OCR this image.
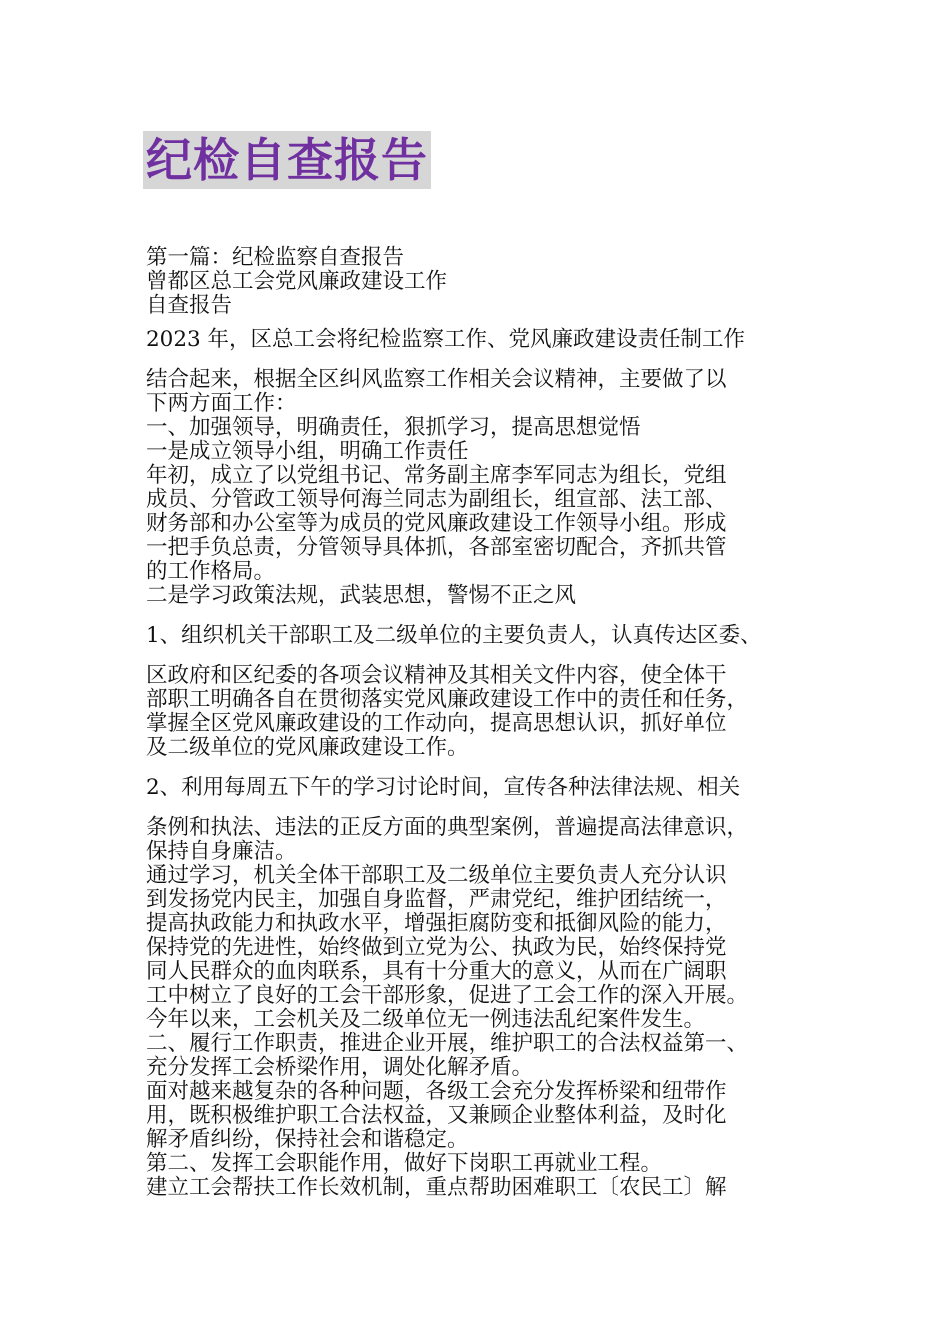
纪检自查报告
第一篇：纪检监察自查报告
曾都区总工会党风廉政建设工作
自查报告
2023 年，区总工会将纪检监察工作、党风廉政建设责任制工作
结合起来，根据全区纠风监察工作相关会议精神，主要做了以
下两方面工作：
一、加强领导，明确责任，狠抓学习，提高思想觉悟
一是成立领导小组，明确工作责任
年初，成立了以党组书记、常务副主席李军同志为组长，党组
成员、分管政工领导何海兰同志为副组长，组宣部、法工部、
财务部和办公室等为成员的党风廉政建设工作领导小组。形成
一把手负总责，分管领导具体抓，各部室密切配合，齐抓共管
的工作格局。
二是学习政策法规，武装思想，警惕不正之风
1、组织机关干部职工及二级单位的主要负责人，认真传达区委、
区政府和区纪委的各项会议精神及其相关文件内容，使全体干
部职工明确各自在贯彻落实党风廉政建设工作中的责任和任务，
掌握全区党风廉政建设的工作动向，提高思想认识，抓好单位
及二级单位的党风廉政建设工作。
2、利用每周五下午的学习讨论时间，宣传各种法律法规、相关
条例和执法、违法的正反方面的典型案例，普遍提高法律意识，
保持自身廉洁。
通过学习，机关全体干部职工及二级单位主要负责人充分认识
到发扬党内民主，加强自身监督，严肃党纪，维护团结统一，
提高执政能力和执政水平，增强拒腐防变和抵御风险的能力，
保持党的先进性，始终做到立党为公、执政为民，始终保持党
同人民群众的血肉联系，具有十分重大的意义，从而在广阔职
工中树立了良好的工会干部形象，促进了工会工作的深入开展。
今年以来，工会机关及二级单位无一例违法乱纪案件发生。
二、履行工作职责，推进企业开展，维护职工的合法权益第一、
充分发挥工会桥梁作用，调处化解矛盾。
面对越来越复杂的各种问题，各级工会充分发挥桥梁和纽带作
用，既积极维护职工合法权益，又兼顾企业整体利益，及时化
解矛盾纠纷，保持社会和谐稳定。
第二、发挥工会职能作用，做好下岗职工再就业工程。
建立工会帮扶工作长效机制，重点帮助困难职工〔农民工〕解
